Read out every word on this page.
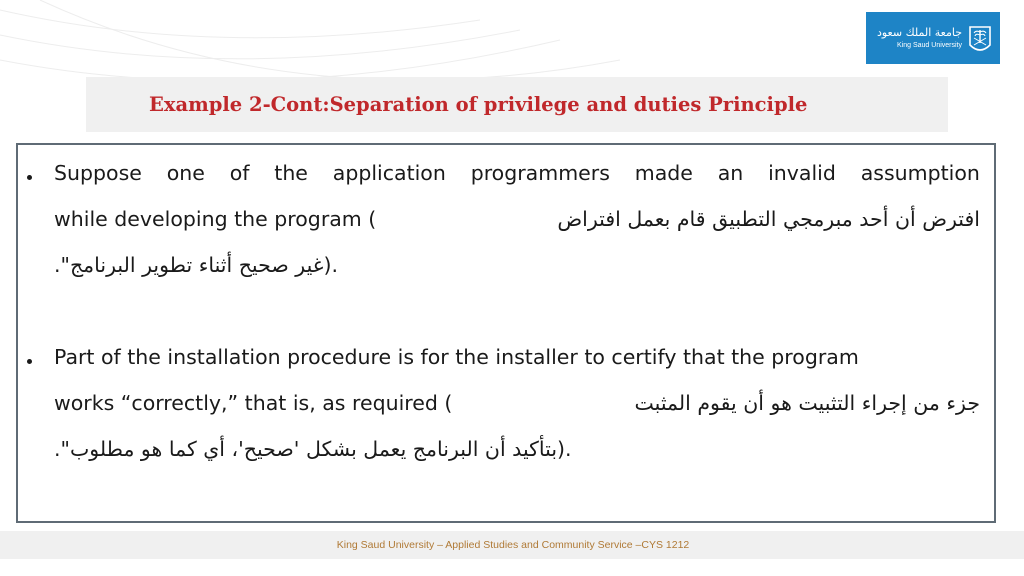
جامعة الملك سعود
King Saud University
Example 2-Cont:Separation of privilege and duties Principle
Suppose one of the application programmers made an invalid assumption
while developing the program (	افترض أن أحد مبرمجي التطبيق قام بعمل افتراض
غير صحيح أثناء تطوير البرنامج".).
Part of the installation procedure is for the installer to certify that the program
works “correctly,” that is, as required (	جزء من إجراء التثبيت هو أن يقوم المثبت
بتأكيد أن البرنامج يعمل بشكل 'صحيح'، أي كما هو مطلوب".).
King Saud University – Applied Studies and Community Service –CYS 1212
